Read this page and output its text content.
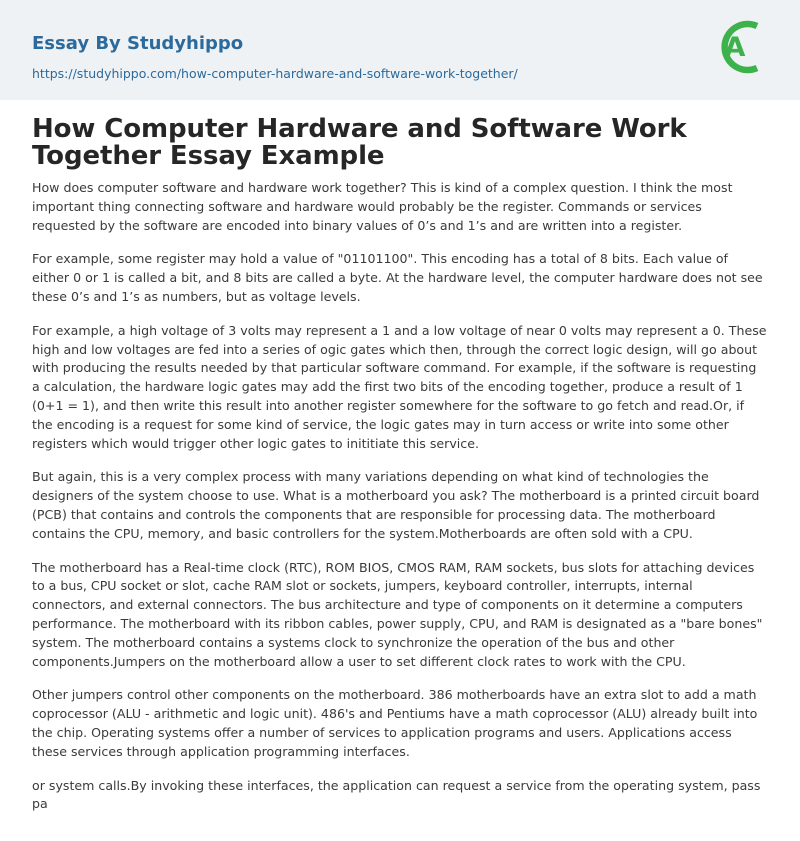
Essay By Studyhippo
https://studyhippo.com/how-computer-hardware-and-software-work-together/
A
How Computer Hardware and Software Work Together Essay Example

How does computer software and hardware work together? This is kind of a complex question. I think the most important thing connecting software and hardware would probably be the register. Commands or services requested by the software are encoded into binary values of 0’s and 1’s and are written into a register.

For example, some register may hold a value of "01101100". This encoding has a total of 8 bits. Each value of either 0 or 1 is called a bit, and 8 bits are called a byte. At the hardware level, the computer hardware does not see these 0’s and 1’s as numbers, but as voltage levels.

For example, a high voltage of 3 volts may represent a 1 and a low voltage of near 0 volts may represent a 0. These high and low voltages are fed into a series of ogic gates which then, through the correct logic design, will go about with producing the results needed by that particular software command. For example, if the software is requesting a calculation, the hardware logic gates may add the first two bits of the encoding together, produce a result of 1 (0+1 = 1), and then write this result into another register somewhere for the software to go fetch and read.Or, if the encoding is a request for some kind of service, the logic gates may in turn access or write into some other registers which would trigger other logic gates to inititiate this service.

But again, this is a very complex process with many variations depending on what kind of technologies the designers of the system choose to use. What is a motherboard you ask? The motherboard is a printed circuit board (PCB) that contains and controls the components that are responsible for processing data. The motherboard contains the CPU, memory, and basic controllers for the system.Motherboards are often sold with a CPU.

The motherboard has a Real-time clock (RTC), ROM BIOS, CMOS RAM, RAM sockets, bus slots for attaching devices to a bus, CPU socket or slot, cache RAM slot or sockets, jumpers, keyboard controller, interrupts, internal connectors, and external connectors. The bus architecture and type of components on it determine a computers performance. The motherboard with its ribbon cables, power supply, CPU, and RAM is designated as a "bare bones" system. The motherboard contains a systems clock to synchronize the operation of the bus and other components.Jumpers on the motherboard allow a user to set different clock rates to work with the CPU.

Other jumpers control other components on the motherboard. 386 motherboards have an extra slot to add a math coprocessor (ALU - arithmetic and logic unit). 486's and Pentiums have a math coprocessor (ALU) already built into the chip. Operating systems offer a number of services to application programs and users. Applications access these services through application programming interfaces.

or system calls.By invoking these interfaces, the application can request a service from the operating system, pass pa
